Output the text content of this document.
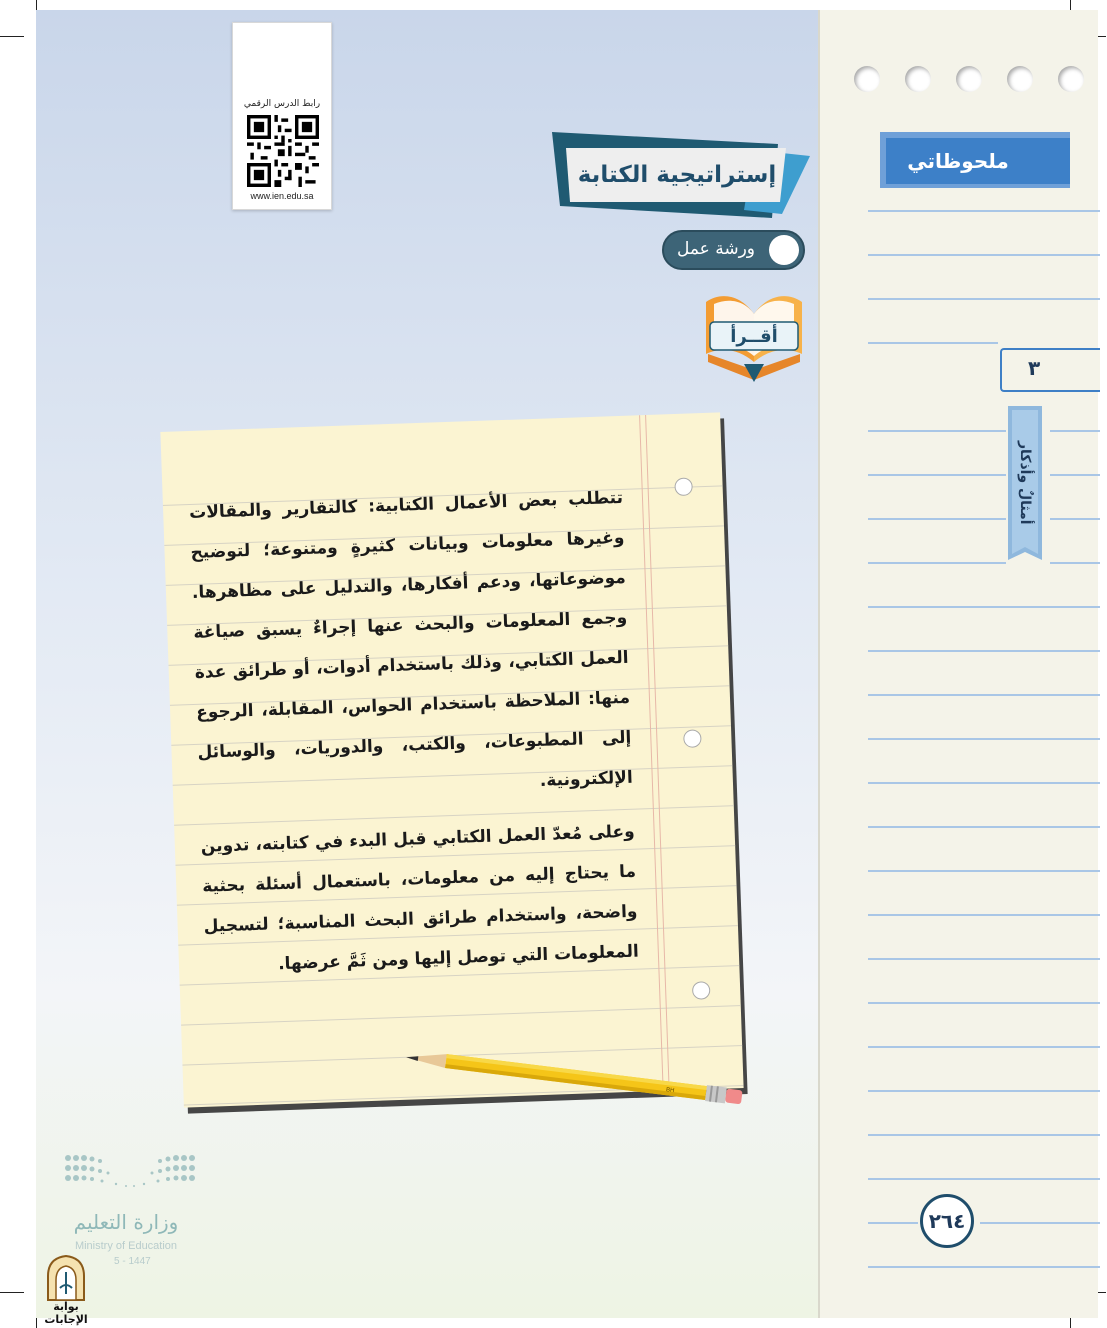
رابط الدرس الرقمي
www.ien.edu.sa
إستراتيجية الكتابة
ورشة عمل
أقــرأ

تتطلب بعض الأعمال الكتابية: كالتقارير والمقالات وغيرها معلومات وبيانات كثيرةٍ ومتنوعة؛ لتوضيح موضوعاتها، ودعم أفكارها، والتدليل على مظاهرها. وجمع المعلومات والبحث عنها إجراءٌ يسبق صياغة العمل الكتابي، وذلك باستخدام أدوات، أو طرائق عدة منها: الملاحظة باستخدام الحواس، المقابلة، الرجوع إلى المطبوعات، والكتب، والدوريات، والوسائل الإلكترونية.

وعلى مُعدّ العمل الكتابي قبل البدء في كتابته، تدوين ما يحتاج إليه من معلومات، باستعمال أسئلة بحثية واضحة، واستخدام طرائق البحث المناسبة؛ لتسجيل المعلومات التي توصل إليها ومن ثَمَّ عرضها.

BH
وزارة التعليم
Ministry of Education
5 - 1447
بوابة الإجابات
ملحوظاتي
٣
أمثالٌ وأذكار
٢٦٤
